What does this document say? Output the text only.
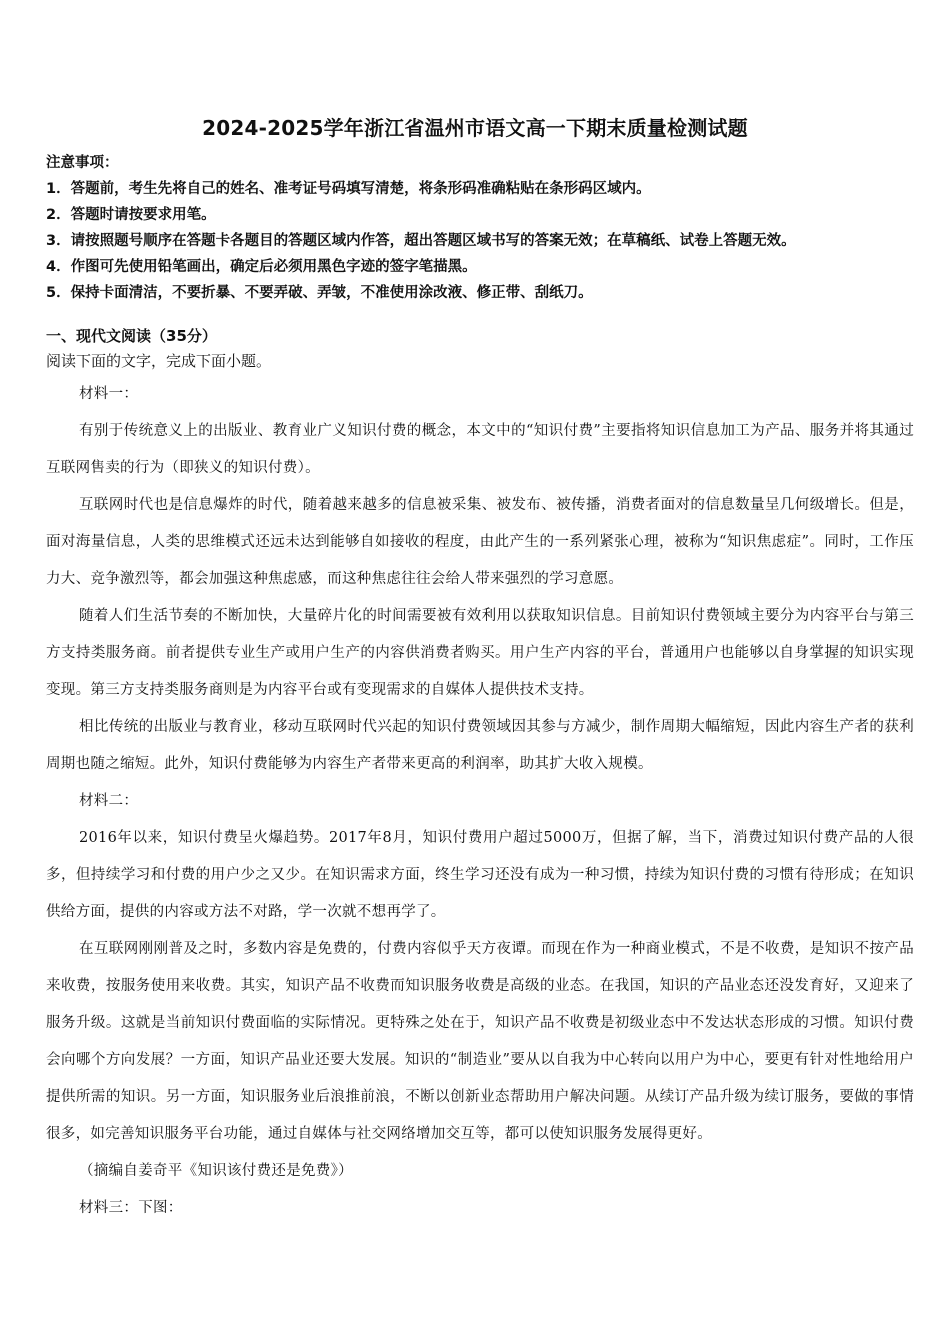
2024-2025学年浙江省温州市语文高一下期末质量检测试题
注意事项：
1．答题前，考生先将自己的姓名、准考证号码填写清楚，将条形码准确粘贴在条形码区域内。
2．答题时请按要求用笔。
3．请按照题号顺序在答题卡各题目的答题区域内作答，超出答题区域书写的答案无效；在草稿纸、试卷上答题无效。
4．作图可先使用铅笔画出，确定后必须用黑色字迹的签字笔描黑。
5．保持卡面清洁，不要折暴、不要弄破、弄皱，不准使用涂改液、修正带、刮纸刀。
一、现代文阅读（35分）
阅读下面的文字，完成下面小题。

材料一：

有别于传统意义上的出版业、教育业广义知识付费的概念，本文中的“知识付费”主要指将知识信息加工为产品、服务并将其通过互联网售卖的行为（即狭义的知识付费）。

互联网时代也是信息爆炸的时代，随着越来越多的信息被采集、被发布、被传播，消费者面对的信息数量呈几何级增长。但是，面对海量信息，人类的思维模式还远未达到能够自如接收的程度，由此产生的一系列紧张心理，被称为“知识焦虑症”。同时，工作压力大、竞争激烈等，都会加强这种焦虑感，而这种焦虑往往会给人带来强烈的学习意愿。

随着人们生活节奏的不断加快，大量碎片化的时间需要被有效利用以获取知识信息。目前知识付费领域主要分为内容平台与第三方支持类服务商。前者提供专业生产或用户生产的内容供消费者购买。用户生产内容的平台，普通用户也能够以自身掌握的知识实现变现。第三方支持类服务商则是为内容平台或有变现需求的自媒体人提供技术支持。

相比传统的出版业与教育业，移动互联网时代兴起的知识付费领域因其参与方减少，制作周期大幅缩短，因此内容生产者的获利周期也随之缩短。此外，知识付费能够为内容生产者带来更高的利润率，助其扩大收入规模。

材料二：

2016年以来，知识付费呈火爆趋势。2017年8月，知识付费用户超过5000万，但据了解，当下，消费过知识付费产品的人很多，但持续学习和付费的用户少之又少。在知识需求方面，终生学习还没有成为一种习惯，持续为知识付费的习惯有待形成；在知识供给方面，提供的内容或方法不对路，学一次就不想再学了。

在互联网刚刚普及之时，多数内容是免费的，付费内容似乎天方夜谭。而现在作为一种商业模式，不是不收费，是知识不按产品来收费，按服务使用来收费。其实，知识产品不收费而知识服务收费是高级的业态。在我国，知识的产品业态还没发育好，又迎来了服务升级。这就是当前知识付费面临的实际情况。更特殊之处在于，知识产品不收费是初级业态中不发达状态形成的习惯。知识付费会向哪个方向发展？一方面，知识产品业还要大发展。知识的“制造业”要从以自我为中心转向以用户为中心，要更有针对性地给用户提供所需的知识。另一方面，知识服务业后浪推前浪，不断以创新业态帮助用户解决问题。从续订产品升级为续订服务，要做的事情很多，如完善知识服务平台功能，通过自媒体与社交网络增加交互等，都可以使知识服务发展得更好。

（摘编自姜奇平《知识该付费还是免费》）

材料三：下图：
